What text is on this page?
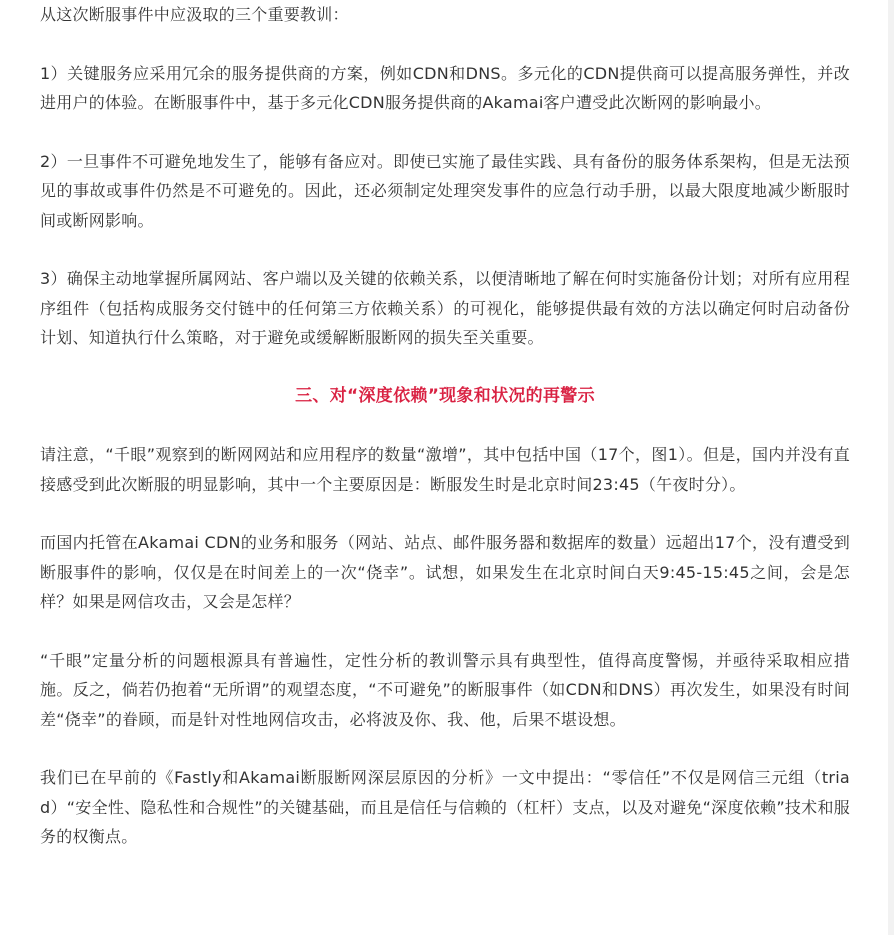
从这次断服事件中应汲取的三个重要教训：

1）关键服务应采用冗余的服务提供商的方案，例如CDN和DNS。多元化的CDN提供商可以提高服务弹性，并改进用户的体验。在断服事件中，基于多元化CDN服务提供商的Akamai客户遭受此次断网的影响最小。

2）一旦事件不可避免地发生了，能够有备应对。即使已实施了最佳实践、具有备份的服务体系架构，但是无法预见的事故或事件仍然是不可避免的。因此，还必须制定处理突发事件的应急行动手册，以最大限度地减少断服时间或断网影响。

3）确保主动地掌握所属网站、客户端以及关键的依赖关系，以便清晰地了解在何时实施备份计划；对所有应用程序组件（包括构成服务交付链中的任何第三方依赖关系）的可视化，能够提供最有效的方法以确定何时启动备份计划、知道执行什么策略，对于避免或缓解断服断网的损失至关重要。

三、对“深度依赖”现象和状况的再警示

请注意，“千眼”观察到的断网网站和应用程序的数量“激增”，其中包括中国（17个，图1）。但是，国内并没有直接感受到此次断服的明显影响，其中一个主要原因是：断服发生时是北京时间23:45（午夜时分）。

而国内托管在Akamai CDN的业务和服务（网站、站点、邮件服务器和数据库的数量）远超出17个，没有遭受到断服事件的影响，仅仅是在时间差上的一次“侥幸”。试想，如果发生在北京时间白天9:45-15:45之间，会是怎样？如果是网信攻击，又会是怎样？

“千眼”定量分析的问题根源具有普遍性，定性分析的教训警示具有典型性，值得高度警惕，并亟待采取相应措施。反之，倘若仍抱着“无所谓”的观望态度，“不可避免”的断服事件（如CDN和DNS）再次发生，如果没有时间差“侥幸”的眷顾，而是针对性地网信攻击，必将波及你、我、他，后果不堪设想。

我们已在早前的《Fastly和Akamai断服断网深层原因的分析》一文中提出：“零信任”不仅是网信三元组（triad）“安全性、隐私性和合规性”的关键基础，而且是信任与信赖的（杠杆）支点，以及对避免“深度依赖”技术和服务的权衡点。
